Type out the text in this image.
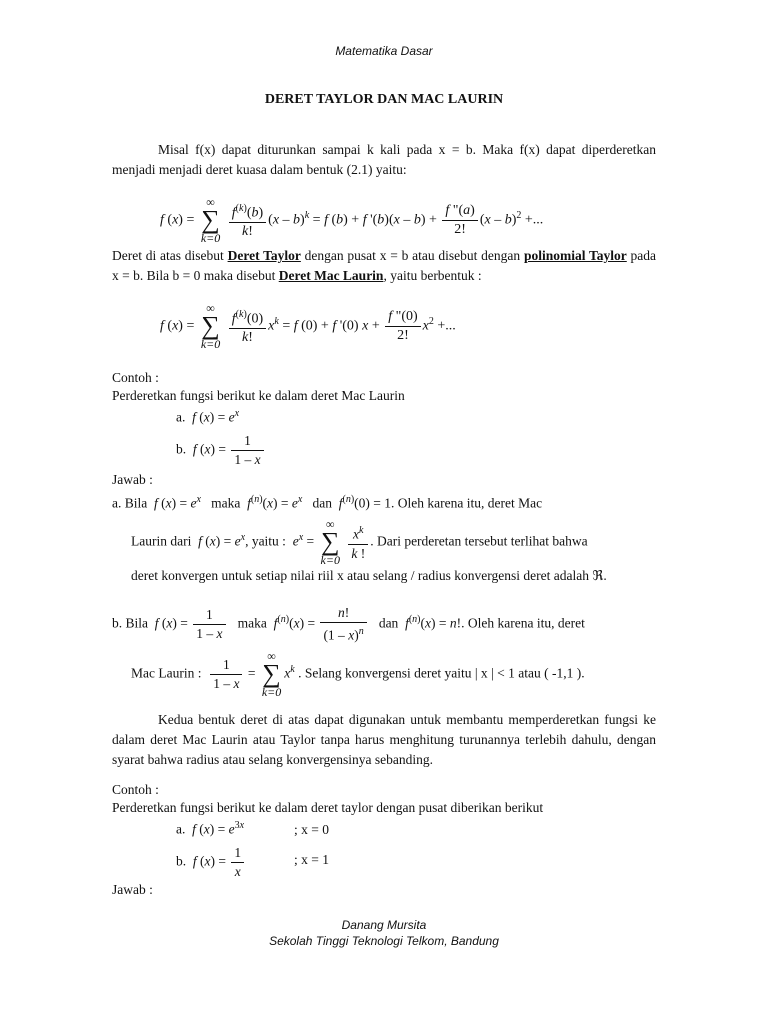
Matematika Dasar
DERET TAYLOR DAN MAC LAURIN
Misal f(x) dapat diturunkan sampai k kali pada x = b. Maka f(x) dapat diperderetkan menjadi menjadi deret kuasa dalam bentuk (2.1) yaitu:
f (x) =
∞
∑
k=0
$\frac{f^{(k)}(b)}{k!} (x - b)^k = f$ (b) + f '$(b)(x - b) + \frac{f "(a)}{2!} (x - b)^2$ +...
Deret di atas disebut Deret Taylor dengan pusat x = b atau disebut dengan polinomial Taylor pada x = b. Bila b = 0 maka disebut Deret Mac Laurin, yaitu berbentuk :
f (x) =
∞
∑
k=0
$\frac{f^{(k)}(0)}{k!} x^k = f$ (0) + f '(0) $x + \frac{f "(0)}{2!} x^2$ +...
Contoh :
Perderetkan fungsi berikut ke dalam deret Mac Laurin
a.  f $(x) = e^x$
b.  f $(x) = \frac{1}{1 - x}$
Jawab :
a. Bila f $(x) = e^x$ maka $f^{(n)}(x) = e^x$ dan $f^{(n)}(0) = 1$. Oleh karena itu, deret Mac
Laurin dari f $(x) = e^x$, yaitu : $e^x$ =
∞
∑
k=0
$\frac{x^k}{k !}$ . Dari perderetan tersebut terlihat bahwa
deret konvergen untuk setiap nilai riil x atau selang / radius konvergensi deret adalah ℜ.
b. Bila f $(x) = \frac{1}{1 - x}$ maka $f^{(n)}(x) = \frac{n!}{(1 - x)^n}$ dan $f^{(n)}(x) = n$!. Oleh karena itu, deret
Mac Laurin : $\frac{1}{1 - x}$ =
∞
∑
k=0
$x^k$ . Selang konvergensi deret yaitu | x | < 1 atau ( -1,1 ).
Kedua bentuk deret di atas dapat digunakan untuk membantu memperderetkan fungsi ke dalam deret Mac Laurin atau Taylor tanpa harus menghitung turunannya terlebih dahulu, dengan syarat bahwa radius atau selang konvergensinya sebanding.
Contoh :
Perderetkan fungsi berikut ke dalam deret taylor dengan pusat diberikan berikut
a.  f $(x) = e^{3x}$	; x = 0
b.  f $(x) = \frac{1}{x}$	; x = 1
Jawab :
Danang Mursita
Sekolah Tinggi Teknologi Telkom, Bandung
